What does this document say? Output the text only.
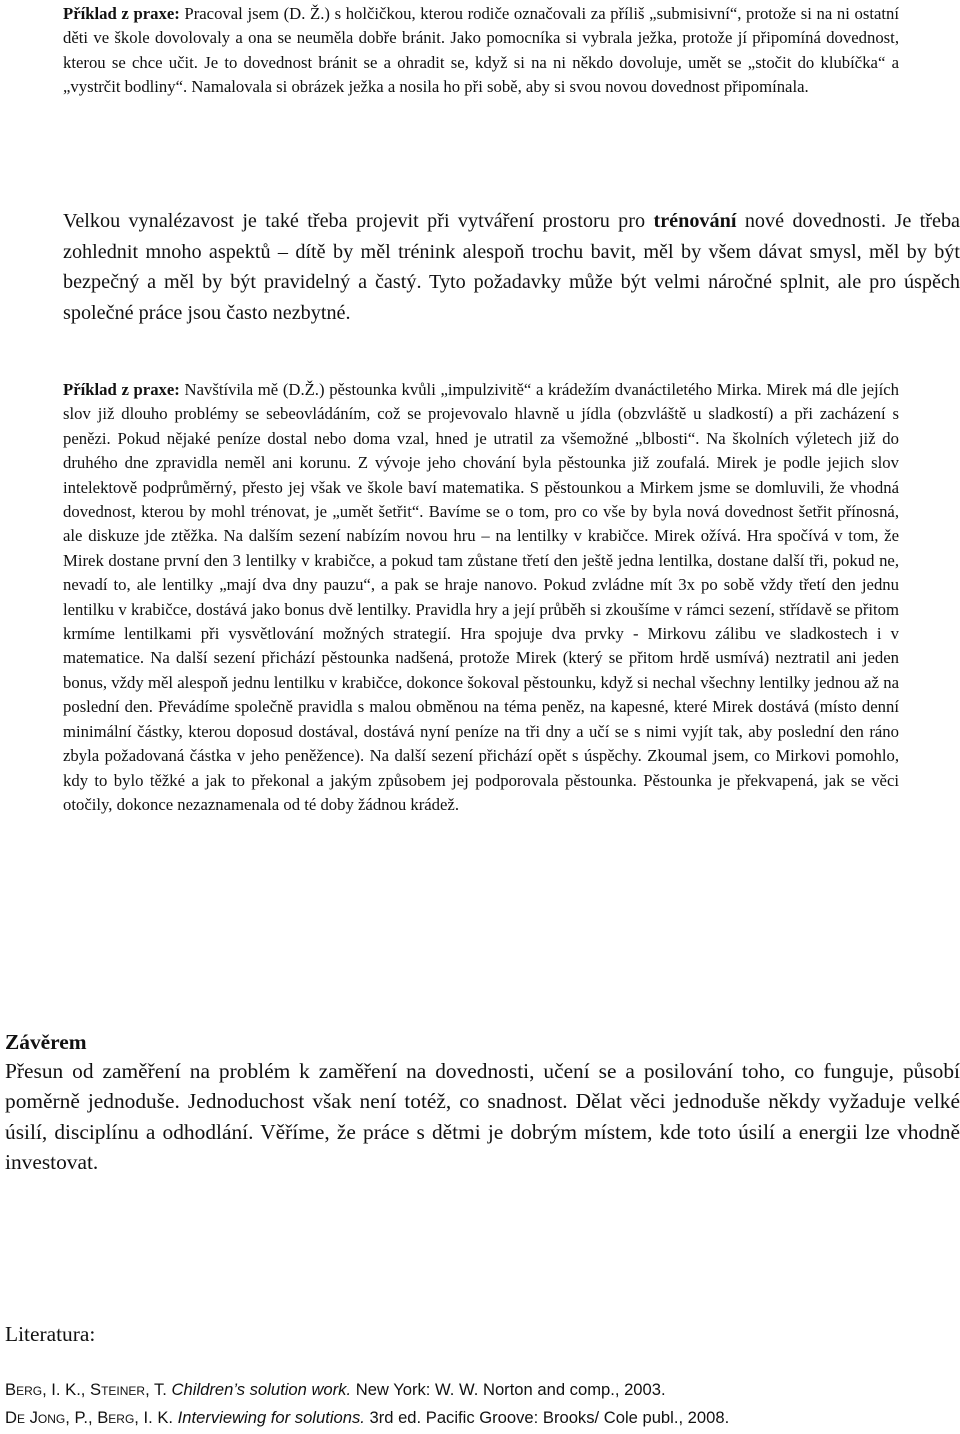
Příklad z praxe: Pracoval jsem (D. Ž.) s holčičkou, kterou rodiče označovali za příliš „submisivní“, protože si na ni ostatní děti ve škole dovolovaly a ona se neuměla dobře bránit. Jako pomocníka si vybrala ježka, protože jí připomíná dovednost, kterou se chce učit. Je to dovednost bránit se a ohradit se, když si na ni někdo dovoluje, umět se „stočit do klubíčka“ a „vystrčit bodliny“. Namalovala si obrázek ježka a nosila ho při sobě, aby si svou novou dovednost připomínala.

Velkou vynalézavost je také třeba projevit při vytváření prostoru pro trénování nové dovednosti. Je třeba zohlednit mnoho aspektů – dítě by měl trénink alespoň trochu bavit, měl by všem dávat smysl, měl by být bezpečný a měl by být pravidelný a častý. Tyto požadavky může být velmi náročné splnit, ale pro úspěch společné práce jsou často nezbytné.

Příklad z praxe: Navštívila mě (D.Ž.) pěstounka kvůli „impulzivitě“ a krádežím dvanáctiletého Mirka. Mirek má dle jejích slov již dlouho problémy se sebeovládáním, což se projevovalo hlavně u jídla (obzvláště u sladkostí) a při zacházení s penězi. Pokud nějaké peníze dostal nebo doma vzal, hned je utratil za všemožné „blbosti“. Na školních výletech již do druhého dne zpravidla neměl ani korunu. Z vývoje jeho chování byla pěstounka již zoufalá. Mirek je podle jejich slov intelektově podprůměrný, přesto jej však ve škole baví matematika. S pěstounkou a Mirkem jsme se domluvili, že vhodná dovednost, kterou by mohl trénovat, je „umět šetřit“. Bavíme se o tom, pro co vše by byla nová dovednost šetřit přínosná, ale diskuze jde ztěžka. Na dalším sezení nabízím novou hru – na lentilky v krabičce. Mirek ožívá. Hra spočívá v tom, že Mirek dostane první den 3 lentilky v krabičce, a pokud tam zůstane třetí den ještě jedna lentilka, dostane další tři, pokud ne, nevadí to, ale lentilky „mají dva dny pauzu“, a pak se hraje nanovo. Pokud zvládne mít 3x po sobě vždy třetí den jednu lentilku v krabičce, dostává jako bonus dvě lentilky. Pravidla hry a její průběh si zkoušíme v rámci sezení, střídavě se přitom krmíme lentilkami při vysvětlování možných strategií. Hra spojuje dva prvky - Mirkovu zálibu ve sladkostech i v matematice. Na další sezení přichází pěstounka nadšená, protože Mirek (který se přitom hrdě usmívá) neztratil ani jeden bonus, vždy měl alespoň jednu lentilku v krabičce, dokonce šokoval pěstounku, když si nechal všechny lentilky jednou až na poslední den. Převádíme společně pravidla s malou obměnou na téma peněz, na kapesné, které Mirek dostává (místo denní minimální částky, kterou doposud dostával, dostává nyní peníze na tři dny a učí se s nimi vyjít tak, aby poslední den ráno zbyla požadovaná částka v jeho peněžence). Na další sezení přichází opět s úspěchy. Zkoumal jsem, co Mirkovi pomohlo, kdy to bylo těžké a jak to překonal a jakým způsobem jej podporovala pěstounka. Pěstounka je překvapená, jak se věci otočily, dokonce nezaznamenala od té doby žádnou krádež.

Závěrem

Přesun od zaměření na problém k zaměření na dovednosti, učení se a posilování toho, co funguje, působí poměrně jednoduše. Jednoduchost však není totéž, co snadnost. Dělat věci jednoduše někdy vyžaduje velké úsilí, disciplínu a odhodlání. Věříme, že práce s dětmi je dobrým místem, kde toto úsilí a energii lze vhodně investovat.

Literatura:

Berg, I. K., Steiner, T. Children’s solution work. New York: W. W. Norton and comp., 2003.

De Jong, P., Berg, I. K. Interviewing for solutions. 3rd ed. Pacific Groove: Brooks/ Cole publ., 2008.
